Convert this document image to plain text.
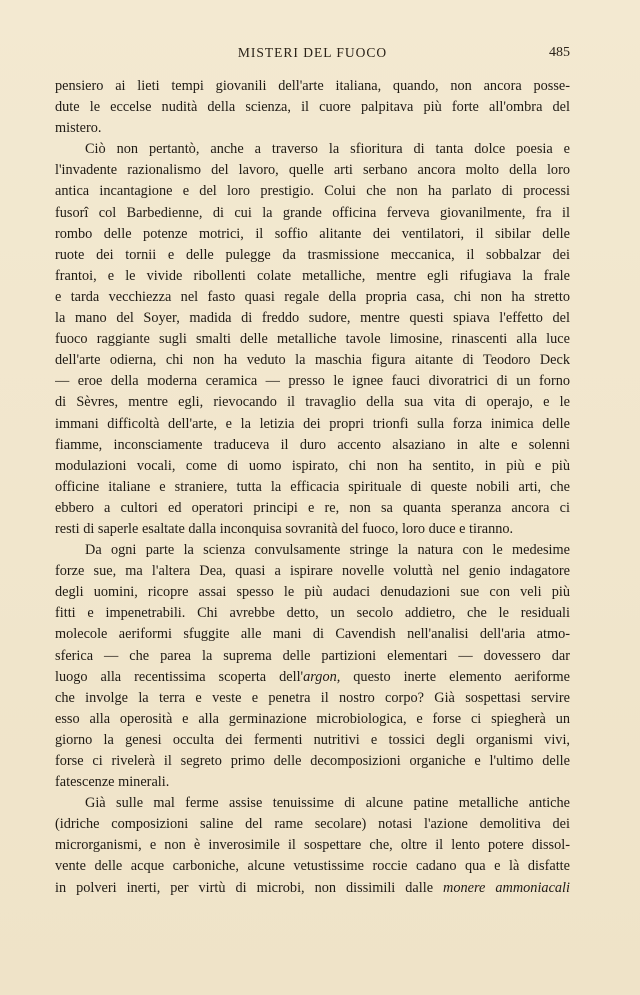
MISTERI DEL FUOCO	485
pensiero ai lieti tempi giovanili dell'arte italiana, quando, non ancora posse-
dute le eccelse nudità della scienza, il cuore palpitava più forte all'ombra del
mistero.
Ciò non pertantò, anche a traverso la sfioritura di tanta dolce poesia e
l'invadente razionalismo del lavoro, quelle arti serbano ancora molto della loro
antica incantagione e del loro prestigio. Colui che non ha parlato di processi
fusorî col Barbedienne, di cui la grande officina ferveva giovanilmente, fra il
rombo delle potenze motrici, il soffio alitante dei ventilatori, il sibilar delle
ruote dei tornii e delle pulegge da trasmissione meccanica, il sobbalzar dei
frantoi, e le vivide ribollenti colate metalliche, mentre egli rifugiava la frale
e tarda vecchiezza nel fasto quasi regale della propria casa, chi non ha stretto
la mano del Soyer, madida di freddo sudore, mentre questi spiava l'effetto del
fuoco raggiante sugli smalti delle metalliche tavole limosine, rinascenti alla luce
dell'arte odierna, chi non ha veduto la maschia figura aitante di Teodoro Deck
— eroe della moderna ceramica — presso le ignee fauci divoratrici di un forno
di Sèvres, mentre egli, rievocando il travaglio della sua vita di operajo, e le
immani difficoltà dell'arte, e la letizia dei propri trionfi sulla forza inimica delle
fiamme, inconsciamente traduceva il duro accento alsaziano in alte e solenni
modulazioni vocali, come di uomo ispirato, chi non ha sentito, in più e più
officine italiane e straniere, tutta la efficacia spirituale di queste nobili arti, che
ebbero a cultori ed operatori principi e re, non sa quanta speranza ancora ci
resti di saperle esaltate dalla inconquisa sovranità del fuoco, loro duce e tiranno.
Da ogni parte la scienza convulsamente stringe la natura con le medesime
forze sue, ma l'altera Dea, quasi a ispirare novelle voluttà nel genio indagatore
degli uomini, ricopre assai spesso le più audaci denudazioni sue con veli più
fitti e impenetrabili. Chi avrebbe detto, un secolo addietro, che le residuali
molecole aeriformi sfuggite alle mani di Cavendish nell'analisi dell'aria atmo-
sferica — che parea la suprema delle partizioni elementari — dovessero dar
luogo alla recentissima scoperta dell'argon, questo inerte elemento aeriforme
che involge la terra e veste e penetra il nostro corpo? Già sospettasi servire
esso alla operosità e alla germinazione microbiologica, e forse ci spiegherà un
giorno la genesi occulta dei fermenti nutritivi e tossici degli organismi vivi,
forse ci rivelerà il segreto primo delle decomposizioni organiche e l'ultimo delle
fatescenze minerali.
Già sulle mal ferme assise tenuissime di alcune patine metalliche antiche
(idriche composizioni saline del rame secolare) notasi l'azione demolitiva dei
microrganismi, e non è inverosimile il sospettare che, oltre il lento potere dissol-
vente delle acque carboniche, alcune vetustissime roccie cadano qua e là disfatte
in polveri inerti, per virtù di microbi, non dissimili dalle monere ammoniacali
